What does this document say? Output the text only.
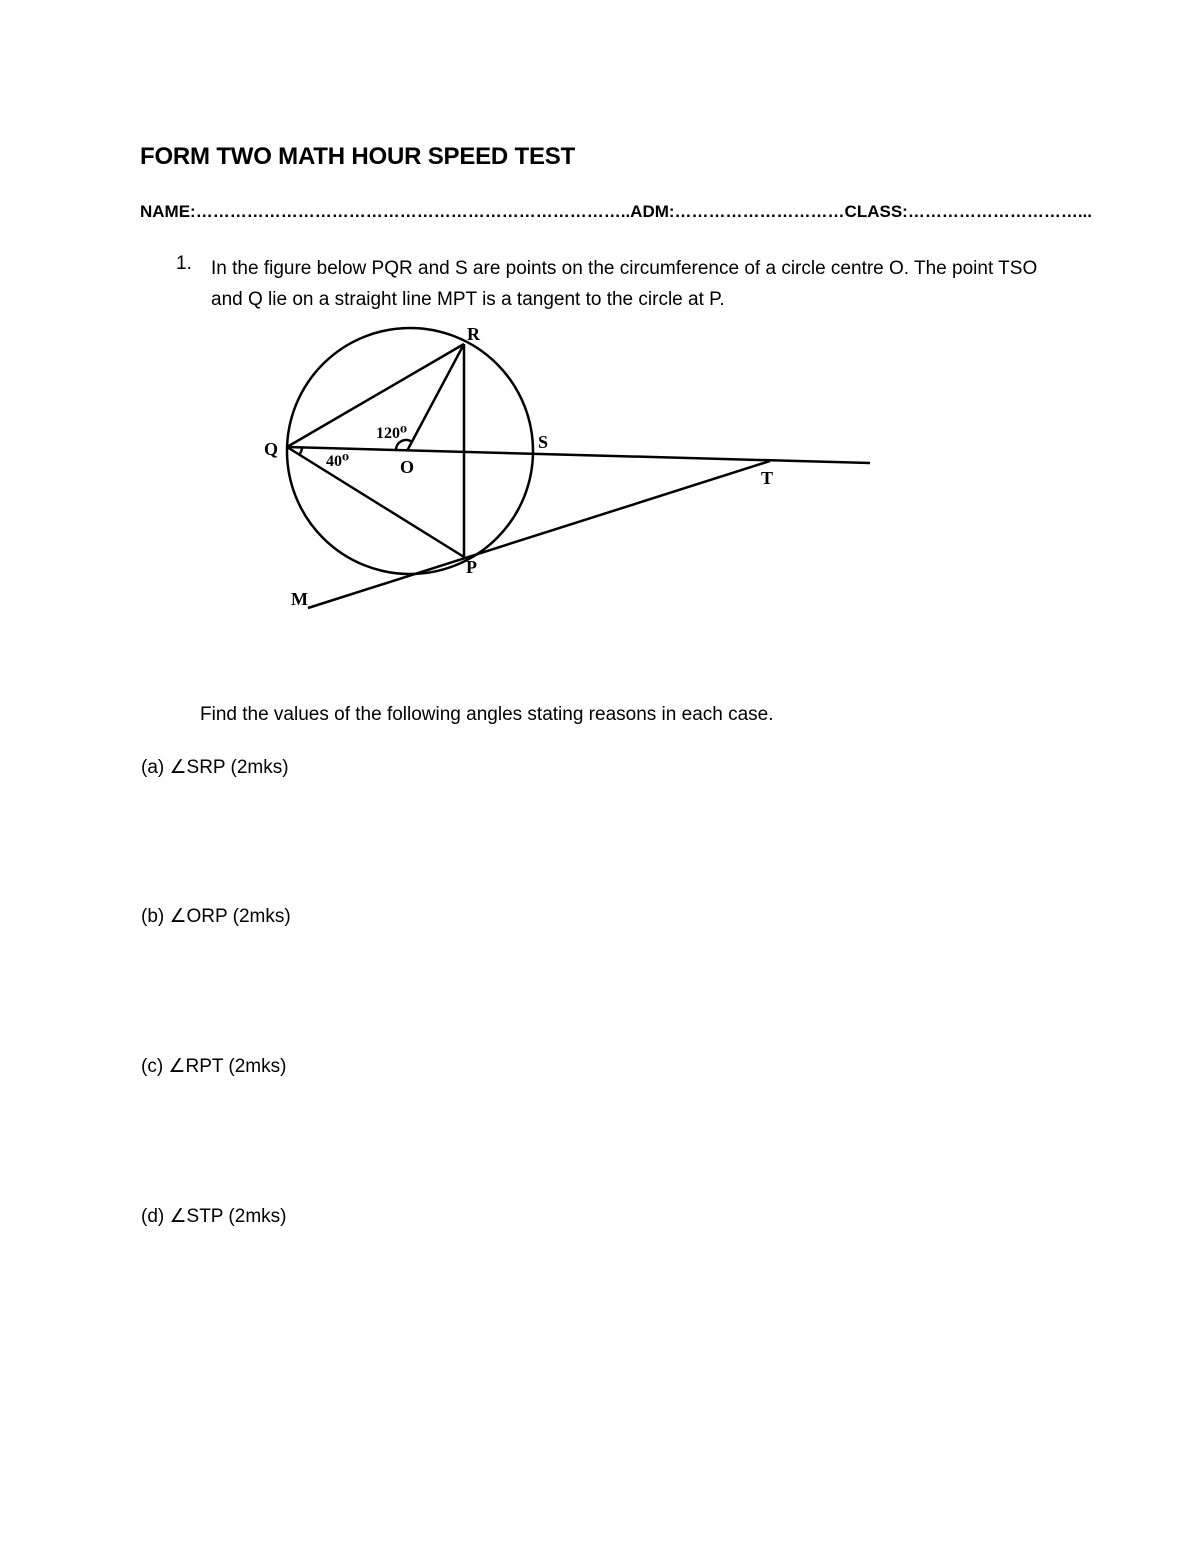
FORM TWO MATH HOUR SPEED TEST
NAME:…………………………………………………………………..ADM:…………………………CLASS:…………………………...
1. In the figure below PQR and S are points on the circumference of a circle centre O. The point TSO and Q lie on a straight line MPT is a tangent to the circle at P.
R
Q	S
O
T
P
M
120⁰
40⁰
Find the values of the following angles stating reasons in each case.
(a) ∠SRP (2mks)
(b) ∠ORP (2mks)
(c) ∠RPT (2mks)
(d) ∠STP (2mks)
